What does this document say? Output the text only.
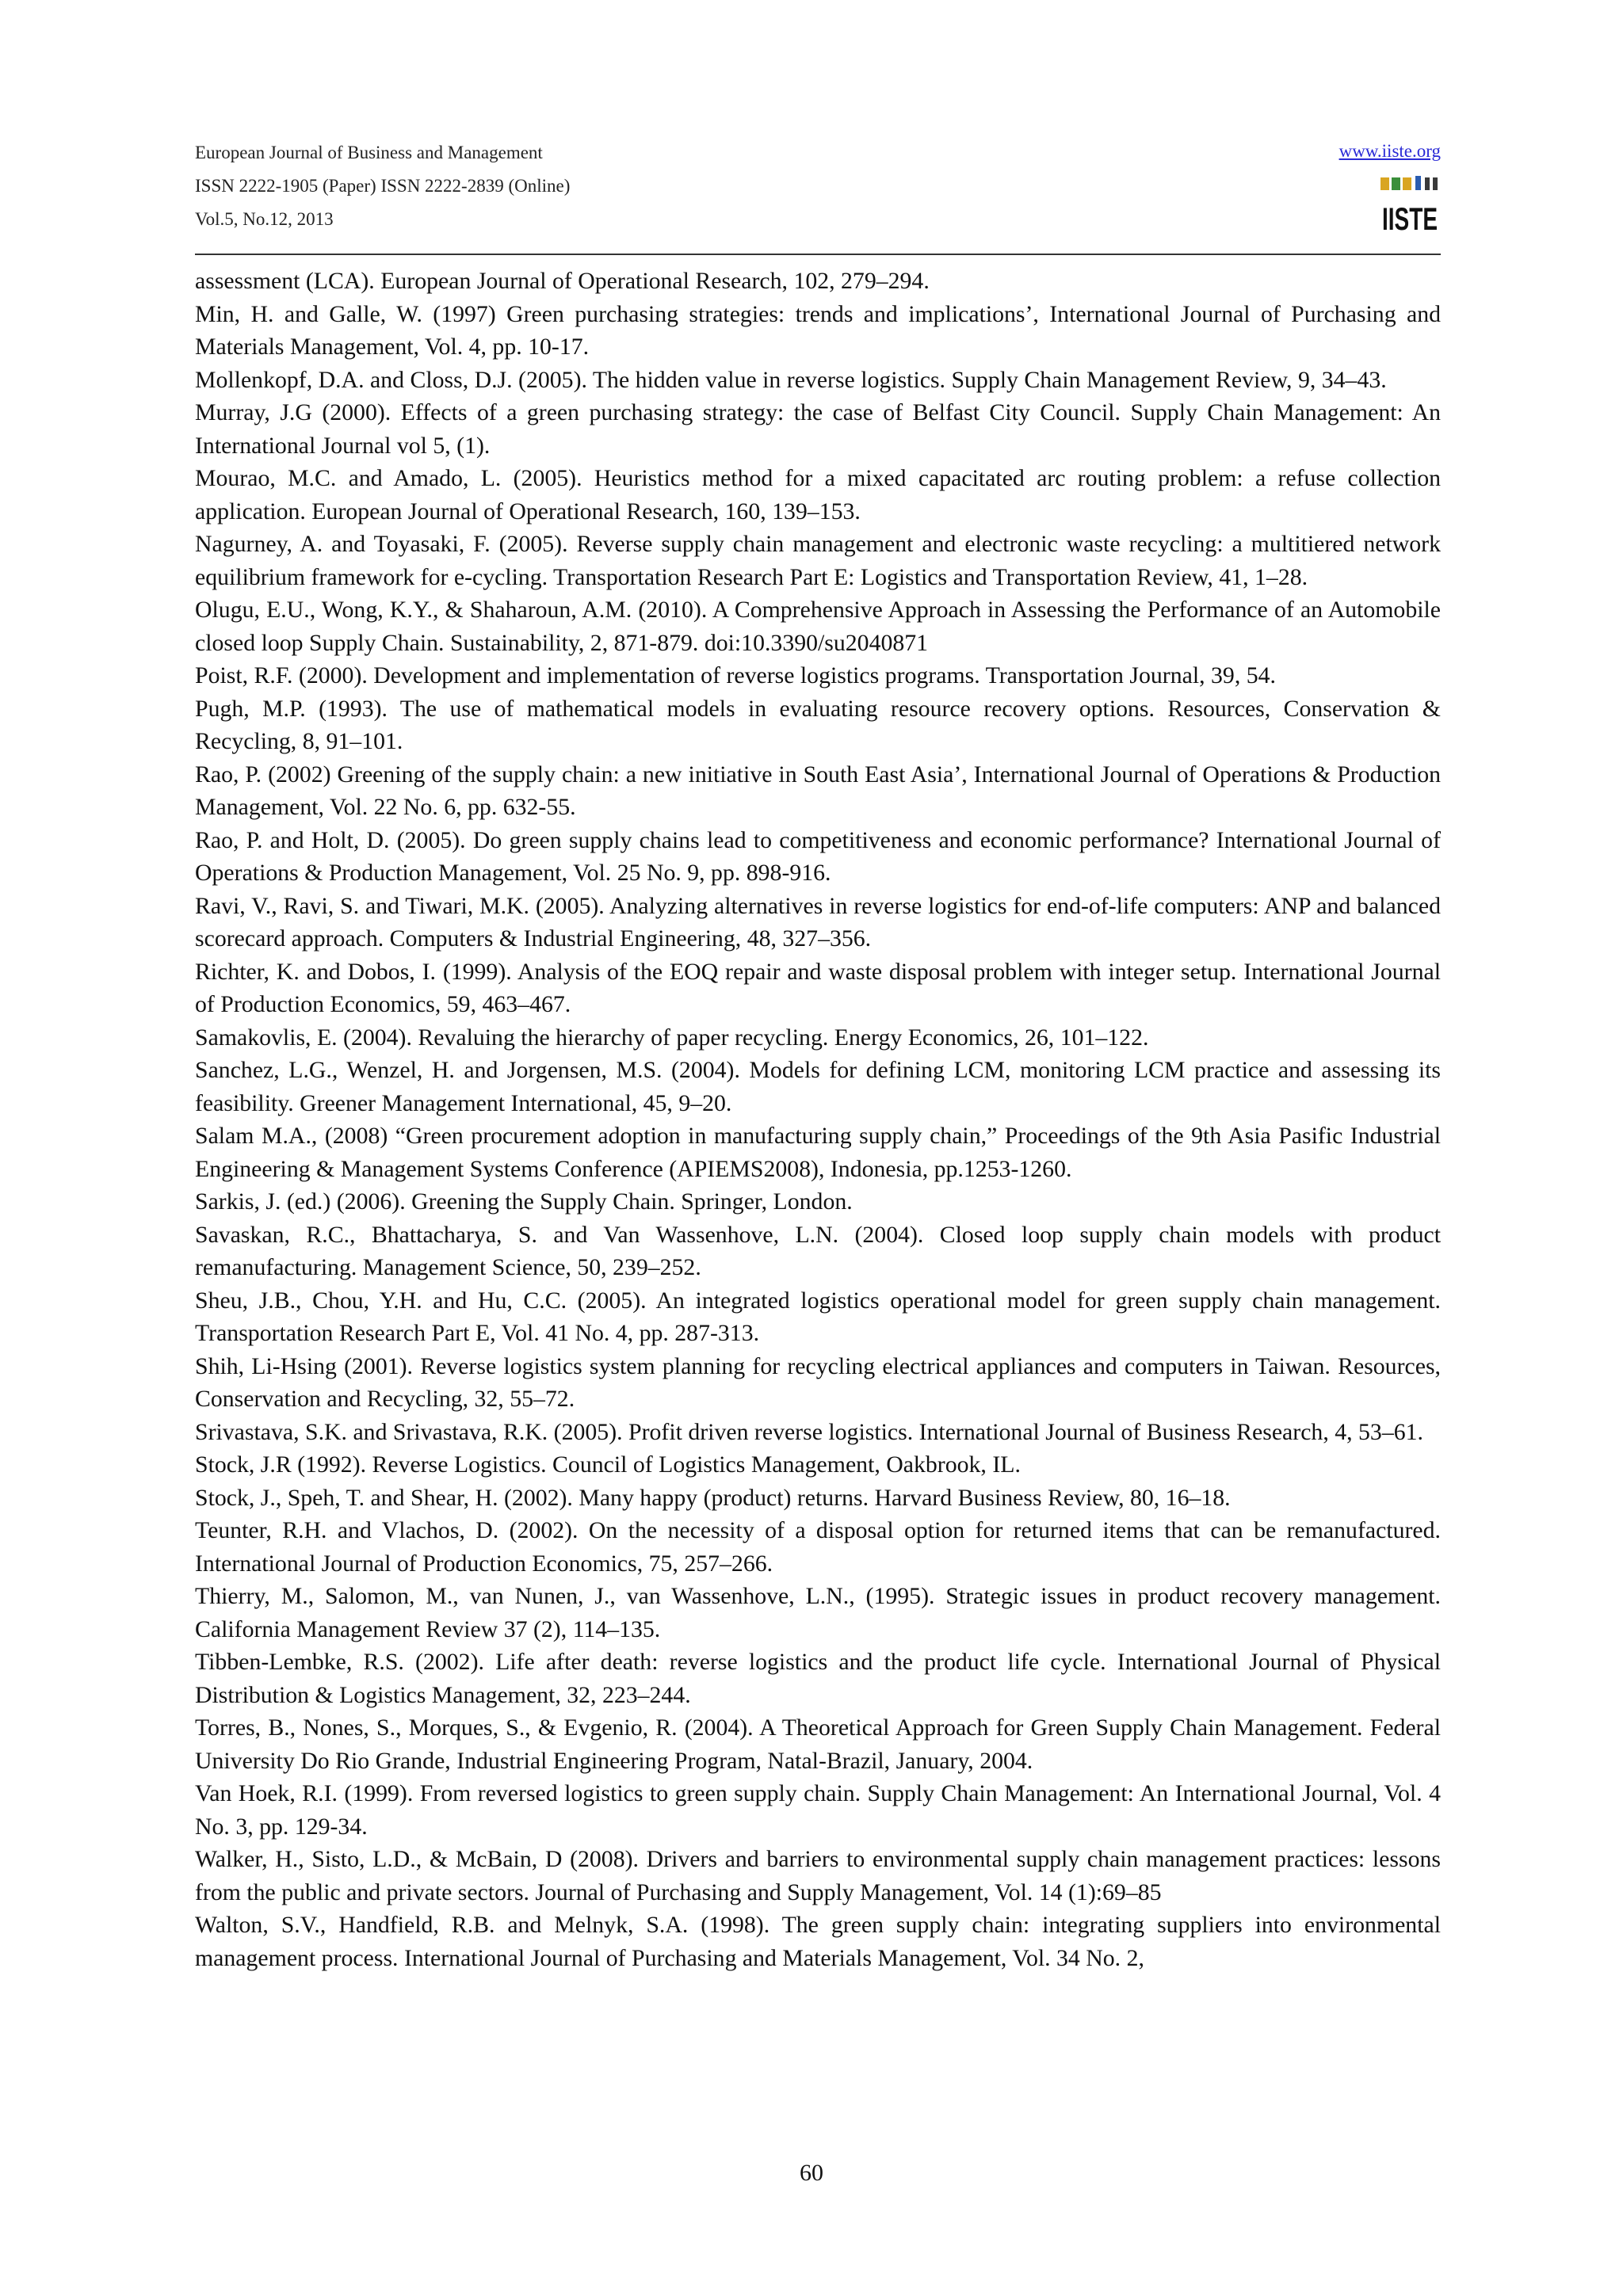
European Journal of Business and Management
ISSN 2222-1905 (Paper) ISSN 2222-2839 (Online)
Vol.5, No.12, 2013
www.iiste.org
IISTE

assessment (LCA). European Journal of Operational Research, 102, 279–294.

Min, H. and Galle, W. (1997) Green purchasing strategies: trends and implications’, International Journal of Purchasing and Materials Management, Vol. 4, pp. 10-17.

Mollenkopf, D.A. and Closs, D.J. (2005). The hidden value in reverse logistics. Supply Chain Management Review, 9, 34–43.

Murray, J.G (2000). Effects of a green purchasing strategy: the case of Belfast City Council. Supply Chain Management: An International Journal vol 5, (1).

Mourao, M.C. and Amado, L. (2005). Heuristics method for a mixed capacitated arc routing problem: a refuse collection application. European Journal of Operational Research, 160, 139–153.

Nagurney, A. and Toyasaki, F. (2005). Reverse supply chain management and electronic waste recycling: a multitiered network equilibrium framework for e-cycling. Transportation Research Part E: Logistics and Transportation Review, 41, 1–28.

Olugu, E.U., Wong, K.Y., & Shaharoun, A.M. (2010). A Comprehensive Approach in Assessing the Performance of an Automobile closed loop Supply Chain. Sustainability, 2, 871-879. doi:10.3390/su2040871

Poist, R.F. (2000). Development and implementation of reverse logistics programs. Transportation Journal, 39, 54.

Pugh, M.P. (1993). The use of mathematical models in evaluating resource recovery options. Resources, Conservation & Recycling, 8, 91–101.

Rao, P. (2002) Greening of the supply chain: a new initiative in South East Asia’, International Journal of Operations & Production Management, Vol. 22 No. 6, pp. 632-55.

Rao, P. and Holt, D. (2005). Do green supply chains lead to competitiveness and economic performance? International Journal of Operations & Production Management, Vol. 25 No. 9, pp. 898-916.

Ravi, V., Ravi, S. and Tiwari, M.K. (2005). Analyzing alternatives in reverse logistics for end-of-life computers: ANP and balanced scorecard approach. Computers & Industrial Engineering, 48, 327–356.

Richter, K. and Dobos, I. (1999). Analysis of the EOQ repair and waste disposal problem with integer setup. International Journal of Production Economics, 59, 463–467.

Samakovlis, E. (2004). Revaluing the hierarchy of paper recycling. Energy Economics, 26, 101–122.

Sanchez, L.G., Wenzel, H. and Jorgensen, M.S. (2004). Models for defining LCM, monitoring LCM practice and assessing its feasibility. Greener Management International, 45, 9–20.

Salam M.A., (2008) “Green procurement adoption in manufacturing supply chain,” Proceedings of the 9th Asia Pasific Industrial Engineering & Management Systems Conference (APIEMS2008), Indonesia, pp.1253-1260.

Sarkis, J. (ed.) (2006). Greening the Supply Chain. Springer, London.

Savaskan, R.C., Bhattacharya, S. and Van Wassenhove, L.N. (2004). Closed loop supply chain models with product remanufacturing. Management Science, 50, 239–252.

Sheu, J.B., Chou, Y.H. and Hu, C.C. (2005). An integrated logistics operational model for green supply chain management. Transportation Research Part E, Vol. 41 No. 4, pp. 287-313.

Shih, Li-Hsing (2001). Reverse logistics system planning for recycling electrical appliances and computers in Taiwan. Resources, Conservation and Recycling, 32, 55–72.

Srivastava, S.K. and Srivastava, R.K. (2005). Profit driven reverse logistics. International Journal of Business Research, 4, 53–61.

Stock, J.R (1992). Reverse Logistics. Council of Logistics Management, Oakbrook, IL.

Stock, J., Speh, T. and Shear, H. (2002). Many happy (product) returns. Harvard Business Review, 80, 16–18.

Teunter, R.H. and Vlachos, D. (2002). On the necessity of a disposal option for returned items that can be remanufactured. International Journal of Production Economics, 75, 257–266.

Thierry, M., Salomon, M., van Nunen, J., van Wassenhove, L.N., (1995). Strategic issues in product recovery management. California Management Review 37 (2), 114–135.

Tibben-Lembke, R.S. (2002). Life after death: reverse logistics and the product life cycle. International Journal of Physical Distribution & Logistics Management, 32, 223–244.

Torres, B., Nones, S., Morques, S., & Evgenio, R. (2004). A Theoretical Approach for Green Supply Chain Management. Federal University Do Rio Grande, Industrial Engineering Program, Natal-Brazil, January, 2004.

Van Hoek, R.I. (1999). From reversed logistics to green supply chain. Supply Chain Management: An International Journal, Vol. 4 No. 3, pp. 129-34.

Walker, H., Sisto, L.D., & McBain, D (2008). Drivers and barriers to environmental supply chain management practices: lessons from the public and private sectors. Journal of Purchasing and Supply Management, Vol. 14 (1):69–85

Walton, S.V., Handfield, R.B. and Melnyk, S.A. (1998). The green supply chain: integrating suppliers into environmental management process. International Journal of Purchasing and Materials Management, Vol. 34 No. 2,

60
